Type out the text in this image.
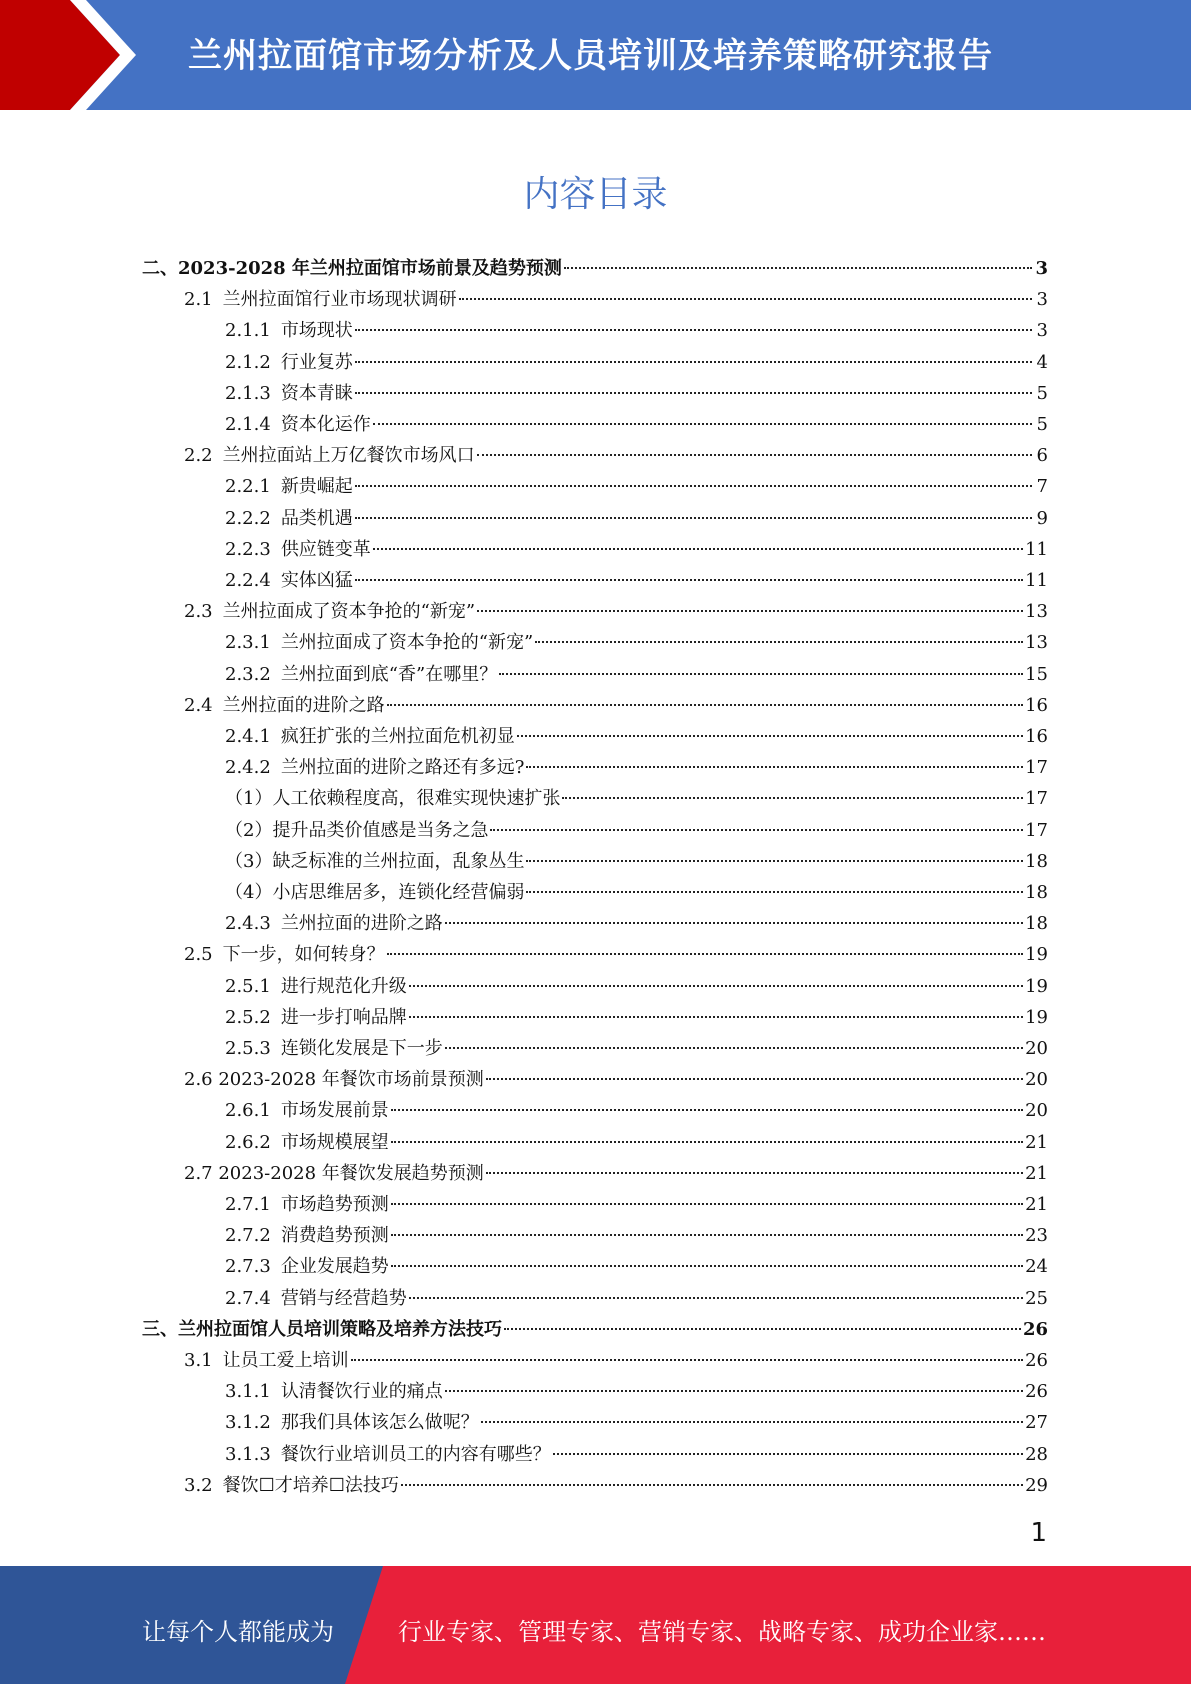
兰州拉面馆市场分析及人员培训及培养策略研究报告
内容目录
二、2023-2028 年兰州拉面馆市场前景及趋势预测	3
2.1 兰州拉面馆行业市场现状调研	3
2.1.1 市场现状	3
2.1.2 行业复苏	4
2.1.3 资本青睐	5
2.1.4 资本化运作	5
2.2 兰州拉面站上万亿餐饮市场风口	6
2.2.1 新贵崛起	7
2.2.2 品类机遇	9
2.2.3 供应链变革	11
2.2.4 实体凶猛	11
2.3 兰州拉面成了资本争抢的“新宠”	13
2.3.1 兰州拉面成了资本争抢的“新宠”	13
2.3.2 兰州拉面到底“香”在哪里？	15
2.4 兰州拉面的进阶之路	16
2.4.1 疯狂扩张的兰州拉面危机初显	16
2.4.2 兰州拉面的进阶之路还有多远?	17
（1）人工依赖程度高，很难实现快速扩张	17
（2）提升品类价值感是当务之急	17
（3）缺乏标准的兰州拉面，乱象丛生	18
（4）小店思维居多，连锁化经营偏弱	18
2.4.3 兰州拉面的进阶之路	18
2.5 下一步，如何转身？	19
2.5.1 进行规范化升级	19
2.5.2 进一步打响品牌	19
2.5.3 连锁化发展是下一步	20
2.6 2023-2028 年餐饮市场前景预测	20
2.6.1 市场发展前景	20
2.6.2 市场规模展望	21
2.7 2023-2028 年餐饮发展趋势预测	21
2.7.1 市场趋势预测	21
2.7.2 消费趋势预测	23
2.7.3 企业发展趋势	24
2.7.4 营销与经营趋势	25
三、兰州拉面馆人员培训策略及培养方法技巧	26
3.1 让员工爱上培训	26
3.1.1 认清餐饮行业的痛点	26
3.1.2 那我们具体该怎么做呢？	27
3.1.3 餐饮行业培训员工的内容有哪些？	28
3.2 餐饮☐才培养☐法技巧	29
1
让每个人都能成为	行业专家、管理专家、营销专家、战略专家、成功企业家……
